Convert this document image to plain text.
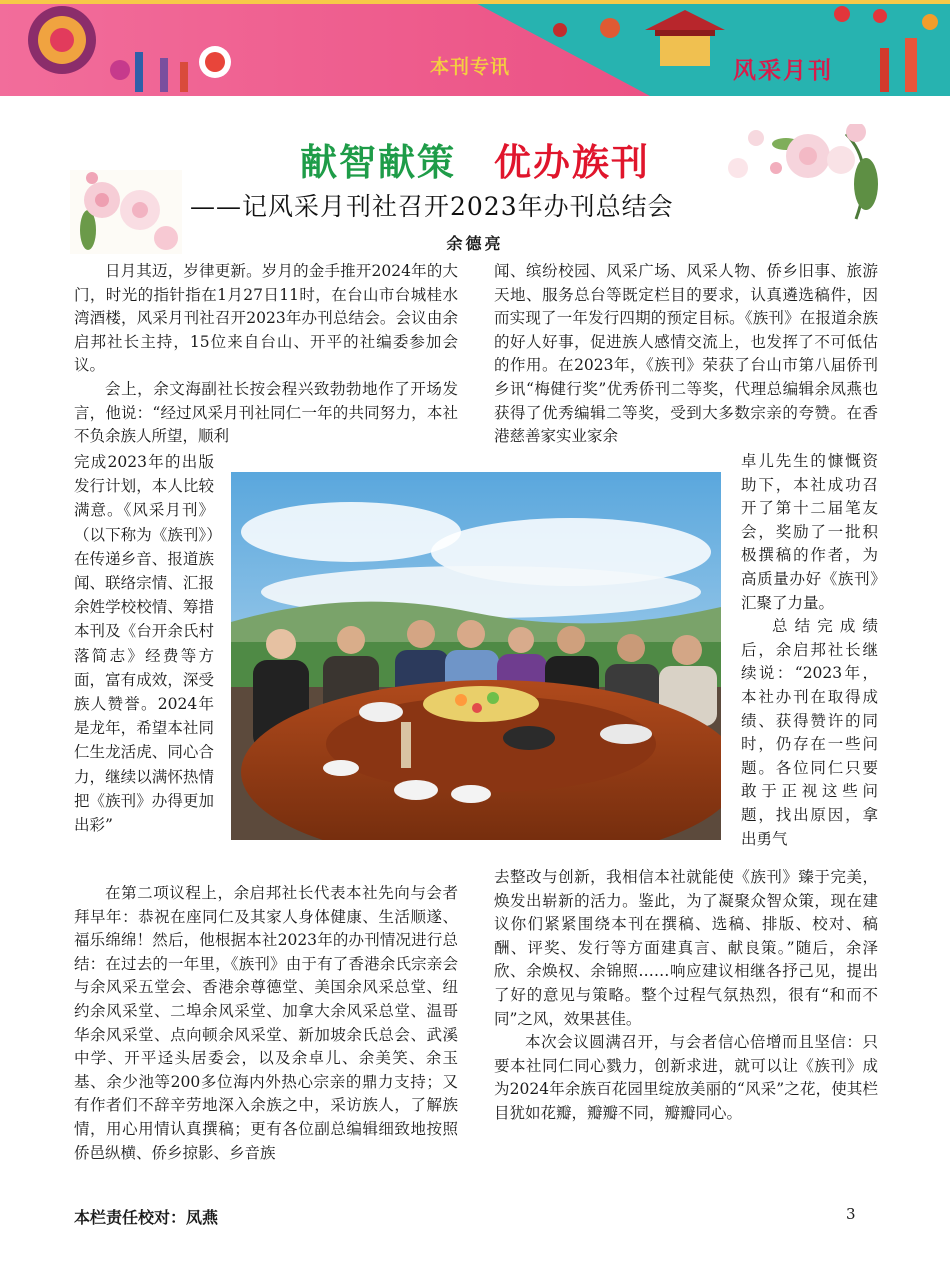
本刊专讯	风采月刊
献智献策 优办族刊
——记风采月刊社召开2023年办刊总结会
余德亮

日月其迈，岁律更新。岁月的金手推开2024年的大门，时光的指针指在1月27日11时，在台山市台城桂水湾酒楼，风采月刊社召开2023年办刊总结会。会议由余启邦社长主持，15位来自台山、开平的社编委参加会议。

会上，余文海副社长按会程兴致勃勃地作了开场发言，他说：“经过风采月刊社同仁一年的共同努力，本社不负余族人所望，顺利

完成2023年的出版发行计划，本人比较满意。《风采月刊》（以下称为《族刊》）在传递乡音、报道族闻、联络宗情、汇报余姓学校校情、筹措本刊及《台开余氏村落简志》经费等方面，富有成效，深受族人赞誉。2024年是龙年，希望本社同仁生龙活虎、同心合力，继续以满怀热情把《族刊》办得更加出彩”

在第二项议程上，余启邦社长代表本社先向与会者拜早年：恭祝在座同仁及其家人身体健康、生活顺遂、福乐绵绵！然后，他根据本社2023年的办刊情况进行总结：在过去的一年里，《族刊》由于有了香港余氏宗亲会与余风采五堂会、香港余尊德堂、美国余风采总堂、纽约余风采堂、二埠余风采堂、加拿大余风采总堂、温哥华余风采堂、点向顿余风采堂、新加坡余氏总会、武溪中学、开平迳头居委会，以及余卓儿、余美笑、余玉基、余少池等200多位海内外热心宗亲的鼎力支持；又有作者们不辞辛劳地深入余族之中，采访族人，了解族情，用心用情认真撰稿；更有各位副总编辑细致地按照侨邑纵横、侨乡掠影、乡音族

闻、缤纷校园、风采广场、风采人物、侨乡旧事、旅游天地、服务总台等既定栏目的要求，认真遴选稿件，因而实现了一年发行四期的预定目标。《族刊》在报道余族的好人好事，促进族人感情交流上，也发挥了不可低估的作用。在2023年，《族刊》荣获了台山市第八届侨刊乡讯“梅健行奖”优秀侨刊二等奖，代理总编辑余凤燕也获得了优秀编辑二等奖，受到大多数宗亲的夸赞。在香港慈善家实业家余

卓儿先生的慷慨资助下，本社成功召开了第十二届笔友会，奖励了一批积极撰稿的作者，为高质量办好《族刊》汇聚了力量。

总结完成绩后，余启邦社长继续说：“2023年，本社办刊在取得成绩、获得赞许的同时，仍存在一些问题。各位同仁只要敢于正视这些问题，找出原因，拿出勇气

去整改与创新，我相信本社就能使《族刊》臻于完美，焕发出崭新的活力。鉴此，为了凝聚众智众策，现在建议你们紧紧围绕本刊在撰稿、选稿、排版、校对、稿酬、评奖、发行等方面建真言、献良策。”随后，余泽欣、余焕权、余锦照……响应建议相继各抒己见，提出了好的意见与策略。整个过程气氛热烈，很有“和而不同”之风，效果甚佳。

本次会议圆满召开，与会者信心倍增而且坚信：只要本社同仁同心戮力，创新求进，就可以让《族刊》成为2024年余族百花园里绽放美丽的“风采”之花，使其栏目犹如花瓣，瓣瓣不同，瓣瓣同心。

本栏责任校对：凤燕	3
